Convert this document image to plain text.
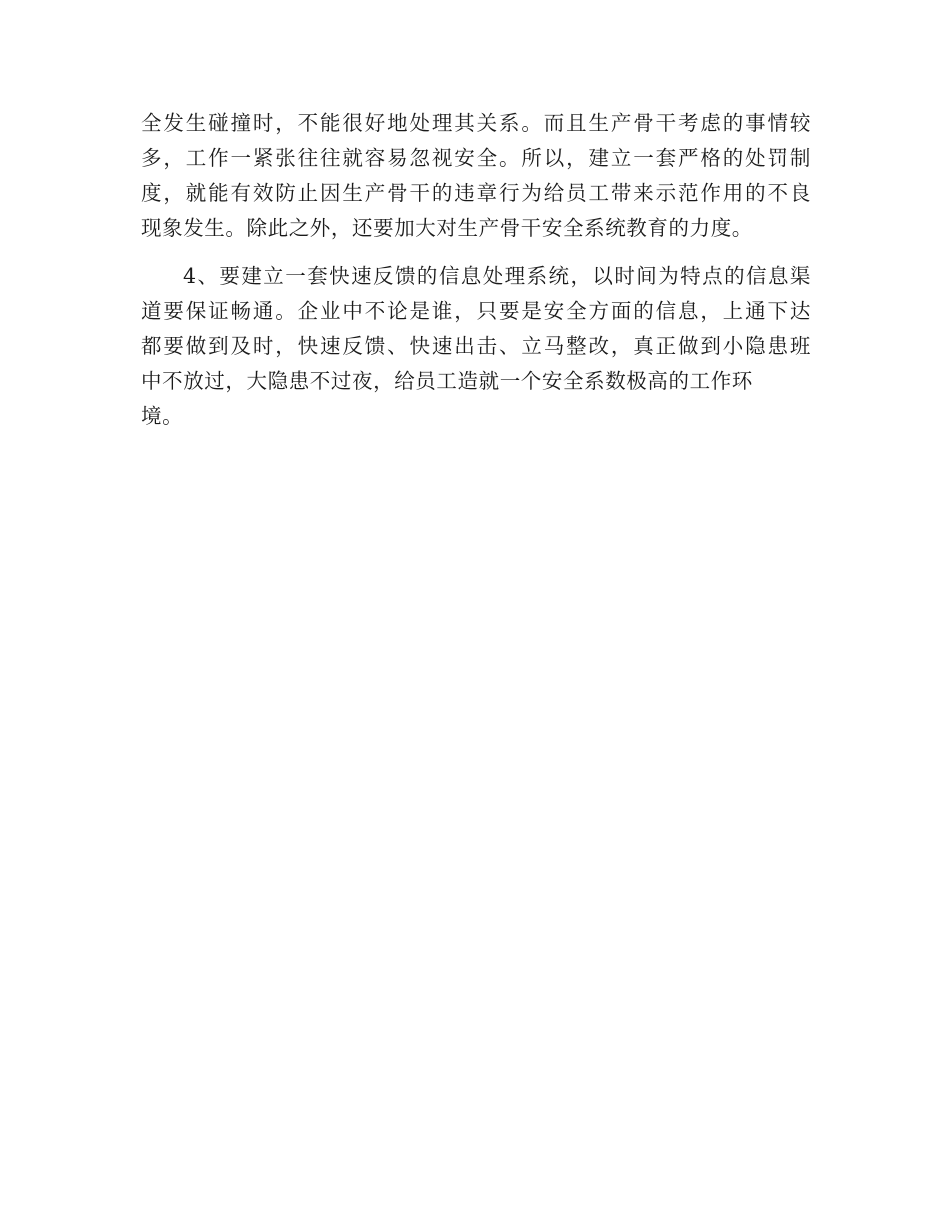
全发生碰撞时，不能很好地处理其关系。而且生产骨干考虑的事情较
多，工作一紧张往往就容易忽视安全。所以，建立一套严格的处罚制
度，就能有效防止因生产骨干的违章行为给员工带来示范作用的不良
现象发生。除此之外，还要加大对生产骨干安全系统教育的力度。
4、要建立一套快速反馈的信息处理系统，以时间为特点的信息渠
道要保证畅通。企业中不论是谁，只要是安全方面的信息，上通下达
都要做到及时，快速反馈、快速出击、立马整改，真正做到小隐患班
中不放过，大隐患不过夜，给员工造就一个安全系数极高的工作环
境。
